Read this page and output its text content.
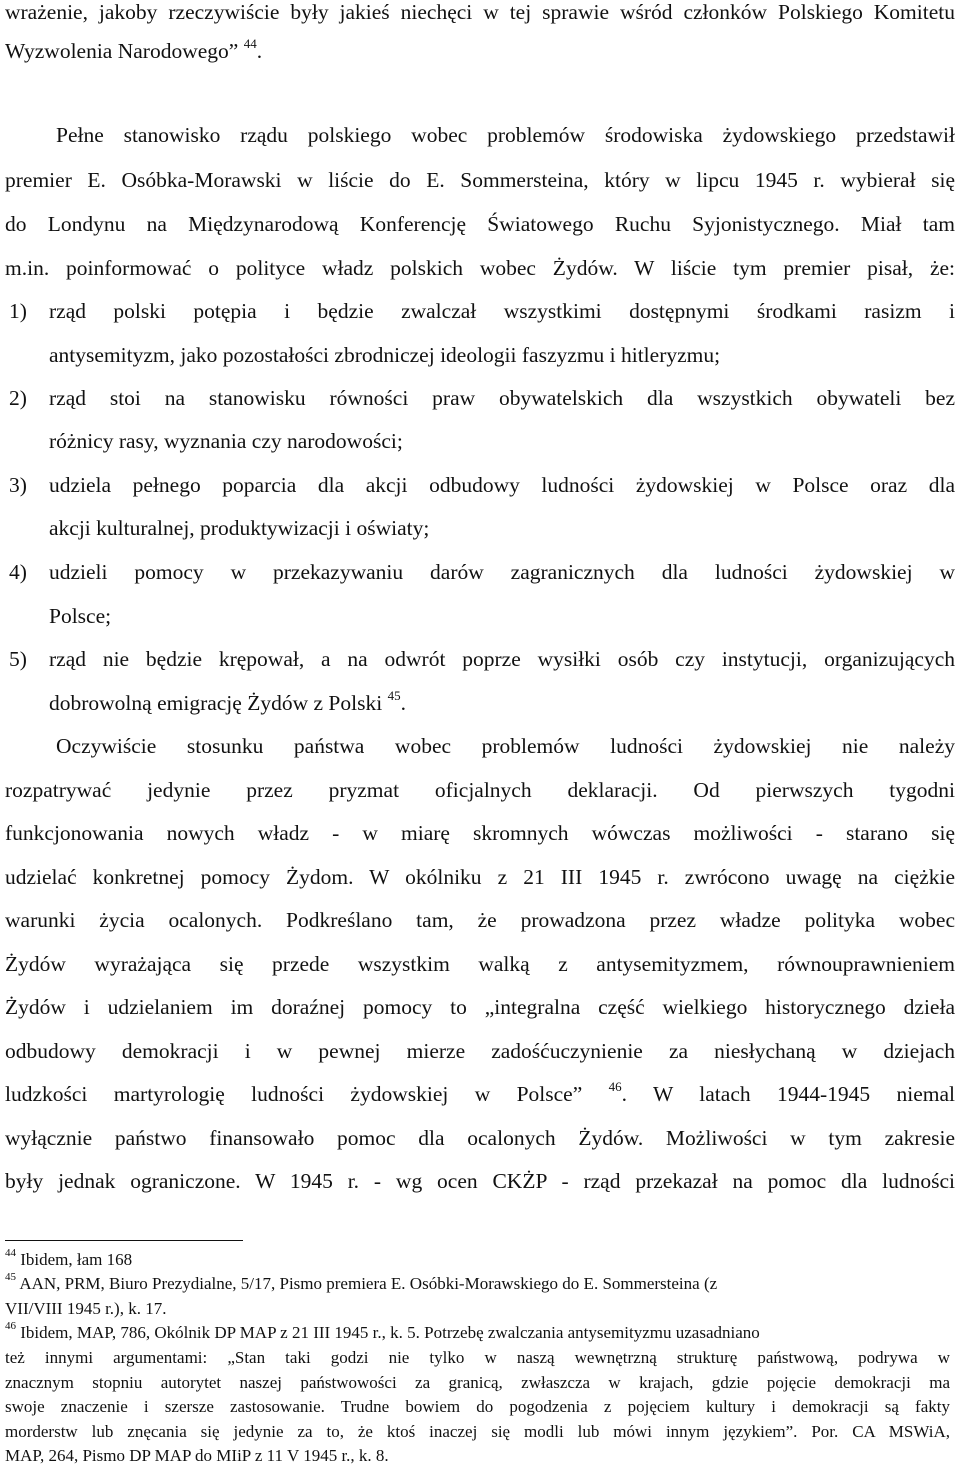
wrażenie, jakoby rzeczywiście były jakieś niechęci w tej sprawie wśród członków Polskiego Komitetu
Wyzwolenia Narodowego” $^{44}$.
Pełne stanowisko rządu polskiego wobec problemów środowiska żydowskiego przedstawił
premier E. Osóbka-Morawski w liście do E. Sommersteina, który w lipcu 1945 r. wybierał się
do Londynu na Międzynarodową Konferencję Światowego Ruchu Syjonistycznego. Miał tam
m.in. poinformować o polityce władz polskich wobec Żydów. W liście tym premier pisał, że:
1) rząd polski potępia i będzie zwalczał wszystkimi dostępnymi środkami rasizm i
antysemityzm, jako pozostałości zbrodniczej ideologii faszyzmu i hitleryzmu;
2) rząd stoi na stanowisku równości praw obywatelskich dla wszystkich obywateli bez
różnicy rasy, wyznania czy narodowości;
3) udziela pełnego poparcia dla akcji odbudowy ludności żydowskiej w Polsce oraz dla
akcji kulturalnej, produktywizacji i oświaty;
4) udzieli pomocy w przekazywaniu darów zagranicznych dla ludności żydowskiej w
Polsce;
5) rząd nie będzie krępował, a na odwrót poprze wysiłki osób czy instytucji, organizujących
dobrowolną emigrację Żydów z Polski $^{45}$.
Oczywiście stosunku państwa wobec problemów ludności żydowskiej nie należy
rozpatrywać jedynie przez pryzmat oficjalnych deklaracji. Od pierwszych tygodni
funkcjonowania nowych władz - w miarę skromnych wówczas możliwości - starano się
udzielać konkretnej pomocy Żydom. W okólniku z 21 III 1945 r. zwrócono uwagę na ciężkie
warunki życia ocalonych. Podkreślano tam, że prowadzona przez władze polityka wobec
Żydów wyrażająca się przede wszystkim walką z antysemityzmem, równouprawnieniem
Żydów i udzielaniem im doraźnej pomocy to „integralna część wielkiego historycznego dzieła
odbudowy demokracji i w pewnej mierze zadośćuczynienie za niesłychaną w dziejach
ludzkości martyrologię ludności żydowskiej w Polsce” $^{46}$. W latach 1944-1945 niemal
wyłącznie państwo finansowało pomoc dla ocalonych Żydów. Możliwości w tym zakresie
były jednak ograniczone. W 1945 r. - wg ocen CKŻP - rząd przekazał na pomoc dla ludności
$^{44}$ Ibidem, łam 168
$^{45}$ AAN, PRM, Biuro Prezydialne, 5/17, Pismo premiera E. Osóbki-Morawskiego do E. Sommersteina (z
VII/VIII 1945 r.), k. 17.
$^{46}$ Ibidem, MAP, 786, Okólnik DP MAP z 21 III 1945 r., k. 5. Potrzebę zwalczania antysemityzmu uzasadniano
też innymi argumentami: „Stan taki godzi nie tylko w naszą wewnętrzną strukturę państwową, podrywa w
znacznym stopniu autorytet naszej państwowości za granicą, zwłaszcza w krajach, gdzie pojęcie demokracji ma
swoje znaczenie i szersze zastosowanie. Trudne bowiem do pogodzenia z pojęciem kultury i demokracji są fakty
morderstw lub znęcania się jedynie za to, że ktoś inaczej się modli lub mówi innym językiem”. Por. CA MSWiA,
MAP, 264, Pismo DP MAP do MIiP z 11 V 1945 r., k. 8.
